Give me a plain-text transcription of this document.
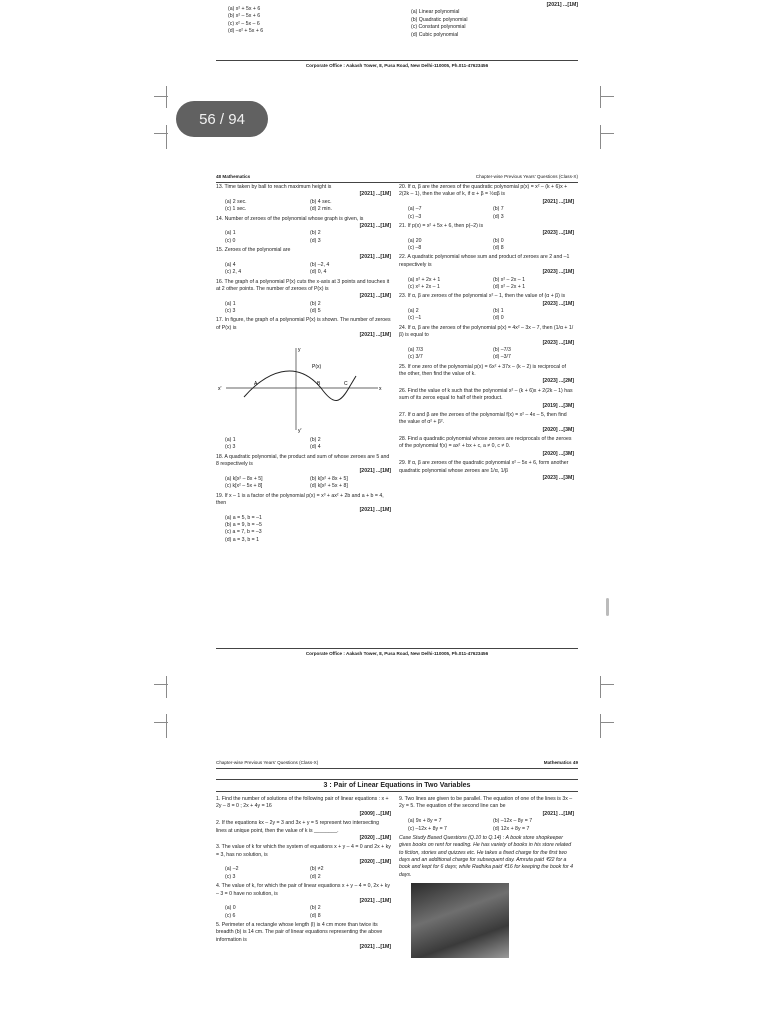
(a) x² + 5x + 6
(b) x² – 5x + 6
(c) x² – 5x – 6
(d) –x² + 5x + 6
[2021] ...[1M]
(a) Linear polynomial
(b) Quadratic polynomial
(c) Constant polynomial
(d) Cubic polynomial
Corporate Office : Aakash Tower, 8, Pusa Road, New Delhi-110005, Ph.011-47623456
56 / 94
48 Mathematics	Chapter-wise Previous Years' Questions (Class-X)
13. Time taken by ball to reach maximum height is
[2021] ...[1M]
(a) 2 sec.	(b) 4 sec.
(c) 1 sec.	(d) 2 min.
14. Number of zeroes of the polynomial whose graph is given, is
[2021] ...[1M]
(a) 1	(b) 2
(c) 0	(d) 3
15. Zeroes of the polynomial are
[2021] ...[1M]
(a) 4	(b) –2, 4
(c) 2, 4	(d) 0, 4
16. The graph of a polynomial P(x) cuts the x-axis at 3 points and touches it at 2 other points. The number of zeroes of P(x) is
[2021] ...[1M]
(a) 1	(b) 2
(c) 3	(d) 5
17. In figure, the graph of a polynomial P(x) is shown. The number of zeroes of P(x) is
[2021] ...[1M]
y
x
x'
y'
P(x)
A	B	C
(a) 1	(b) 2
(c) 3	(d) 4
18. A quadratic polynomial, the product and sum of whose zeroes are 5 and 8 respectively is
[2021] ...[1M]
(a) k[x² – 8x + 5]	(b) k[x² + 8x + 5]
(c) k[x² – 5x + 8]	(d) k[x² + 5x + 8]
19. If x – 1 is a factor of the polynomial p(x) = x³ + ax² + 2b and a + b = 4, then
[2021] ...[1M]
(a) a = 5, b = –1
(b) a = 9, b = –5
(c) a = 7, b = –3
(d) a = 3, b = 1
20. If α, β are the zeroes of the quadratic polynomial p(x) = x² – (k + 6)x + 2(2k – 1), then the value of k, if α + β = ½αβ is
[2021] ...[1M]
(a) –7	(b) 7
(c) –3	(d) 3
21. If p(x) = x² + 5x + 6, then p(–2) is
[2023] ...[1M]
(a) 20	(b) 0
(c) –8	(d) 8
22. A quadratic polynomial whose sum and product of zeroes are 2 and –1 respectively is
[2023] ...[1M]
(a) x² + 2x + 1	(b) x² – 2x – 1
(c) x² + 2x – 1	(d) x² – 2x + 1
23. If α, β are zeroes of the polynomial x² – 1, then the value of (α + β) is
[2023] ...[1M]
(a) 2	(b) 1
(c) –1	(d) 0
24. If α, β are the zeroes of the polynomial p(x) = 4x² – 3x – 7, then (1/α + 1/β) is equal to
[2023] ...[1M]
(a) 7/3	(b) –7/3
(c) 3/7	(d) –3/7
25. If one zero of the polynomial p(x) = 6x² + 37x – (k – 2) is reciprocal of the other, then find the value of k.
[2023] ...[2M]
26. Find the value of k such that the polynomial x² – (k + 6)x + 2(2k – 1) has sum of its zeros equal to half of their product.
[2019] ...[3M]
27. If α and β are the zeroes of the polynomial f(x) = x² – 4x – 5, then find the value of α² + β².
[2020] ...[3M]
28. Find a quadratic polynomial whose zeroes are reciprocals of the zeroes of the polynomial f(x) = ax² + bx + c, a ≠ 0, c ≠ 0.
[2020] ...[3M]
29. If α, β are zeroes of the quadratic polynomial x² – 5x + 6, form another quadratic polynomial whose zeroes are 1/α, 1/β
[2023] ...[3M]
Corporate Office : Aakash Tower, 8, Pusa Road, New Delhi-110005, Ph.011-47623456
Chapter-wise Previous Years' Questions (Class-X)	Mathematics 49
3 : Pair of Linear Equations in Two Variables
1. Find the number of solutions of the following pair of linear equations : x + 2y – 8 = 0 ; 2x + 4y = 16
[2009] ...[1M]
2. If the equations kx – 2y = 3 and 3x + y = 5 represent two intersecting lines at unique point, then the value of k is ________.
[2020] ...[1M]
3. The value of k for which the system of equations x + y – 4 = 0 and 2x + ky = 3, has no solution, is
[2020] ...[1M]
(a) –2	(b) ≠2
(c) 3	(d) 2
4. The value of k, for which the pair of linear equations x + y – 4 = 0, 2x + ky – 3 = 0 have no solution, is
[2021] ...[1M]
(a) 0	(b) 2
(c) 6	(d) 8
5. Perimeter of a rectangle whose length (l) is 4 cm more than twice its breadth (b) is 14 cm. The pair of linear equations representing the above information is
[2021] ...[1M]
9. Two lines are given to be parallel. The equation of one of the lines is 3x – 2y = 5. The equation of the second line can be
[2021] ...[1M]
(a) 9x + 8y = 7	(b) –12x – 8y = 7
(c) –12x + 8y = 7	(d) 12x + 8y = 7
Case Study Based Questions (Q.10 to Q.14) : A book store shopkeeper gives books on rent for reading. He has variety of books in his store related to fiction, stories and quizzes etc. He takes a fixed charge for the first two days and an additional charge for subsequent day. Amruta paid ₹22 for a book and kept for 6 days; while Radhika paid ₹16 for keeping the book for 4 days.
